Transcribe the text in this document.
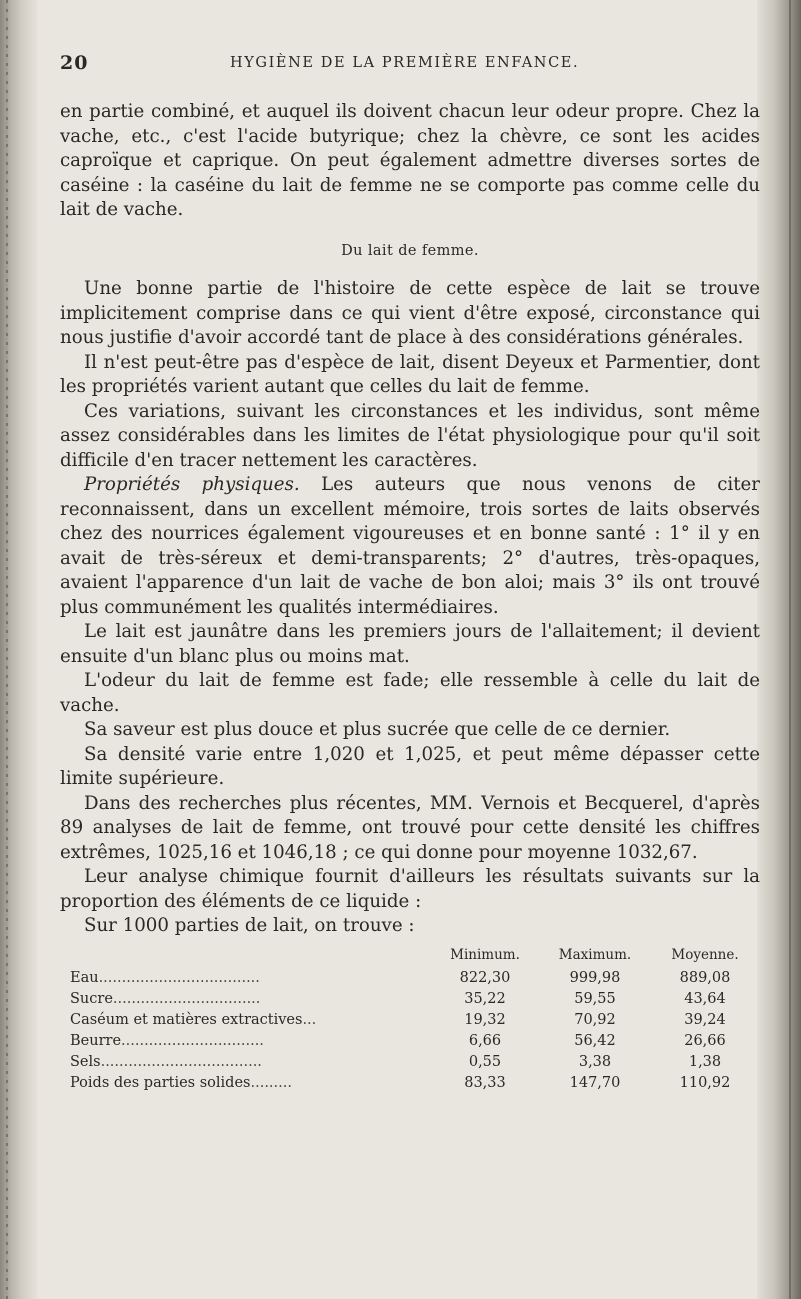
20	HYGIÈNE DE LA PREMIÈRE ENFANCE.

en partie combiné, et auquel ils doivent chacun leur odeur propre. Chez la vache, etc., c'est l'acide butyrique; chez la chèvre, ce sont les acides caproïque et caprique. On peut également admettre diverses sortes de caséine : la caséine du lait de femme ne se comporte pas comme celle du lait de vache.

Du lait de femme.

Une bonne partie de l'histoire de cette espèce de lait se trouve implicitement comprise dans ce qui vient d'être exposé, circonstance qui nous justifie d'avoir accordé tant de place à des considérations générales.

Il n'est peut-être pas d'espèce de lait, disent Deyeux et Parmentier, dont les propriétés varient autant que celles du lait de femme.

Ces variations, suivant les circonstances et les individus, sont même assez considérables dans les limites de l'état physiologique pour qu'il soit difficile d'en tracer nettement les caractères.

Propriétés physiques. Les auteurs que nous venons de citer reconnaissent, dans un excellent mémoire, trois sortes de laits observés chez des nourrices également vigoureuses et en bonne santé : 1° il y en avait de très-séreux et demi-transparents; 2° d'autres, très-opaques, avaient l'apparence d'un lait de vache de bon aloi; mais 3° ils ont trouvé plus communément les qualités intermédiaires.

Le lait est jaunâtre dans les premiers jours de l'allaitement; il devient ensuite d'un blanc plus ou moins mat.

L'odeur du lait de femme est fade; elle ressemble à celle du lait de vache.

Sa saveur est plus douce et plus sucrée que celle de ce dernier.

Sa densité varie entre 1,020 et 1,025, et peut même dépasser cette limite supérieure.

Dans des recherches plus récentes, MM. Vernois et Becquerel, d'après 89 analyses de lait de femme, ont trouvé pour cette densité les chiffres extrêmes, 1025,16 et 1046,18 ; ce qui donne pour moyenne 1032,67.

Leur analyse chimique fournit d'ailleurs les résultats suivants sur la proportion des éléments de ce liquide :

Sur 1000 parties de lait, on trouve :

	Minimum.	Maximum.	Moyenne.
Eau...................................	822,30	999,98	889,08
Sucre................................	35,22	59,55	43,64
Caséum et matières extractives...	19,32	70,92	39,24
Beurre...............................	6,66	56,42	26,66
Sels...................................	0,55	3,38	1,38
Poids des parties solides.........	83,33	147,70	110,92
